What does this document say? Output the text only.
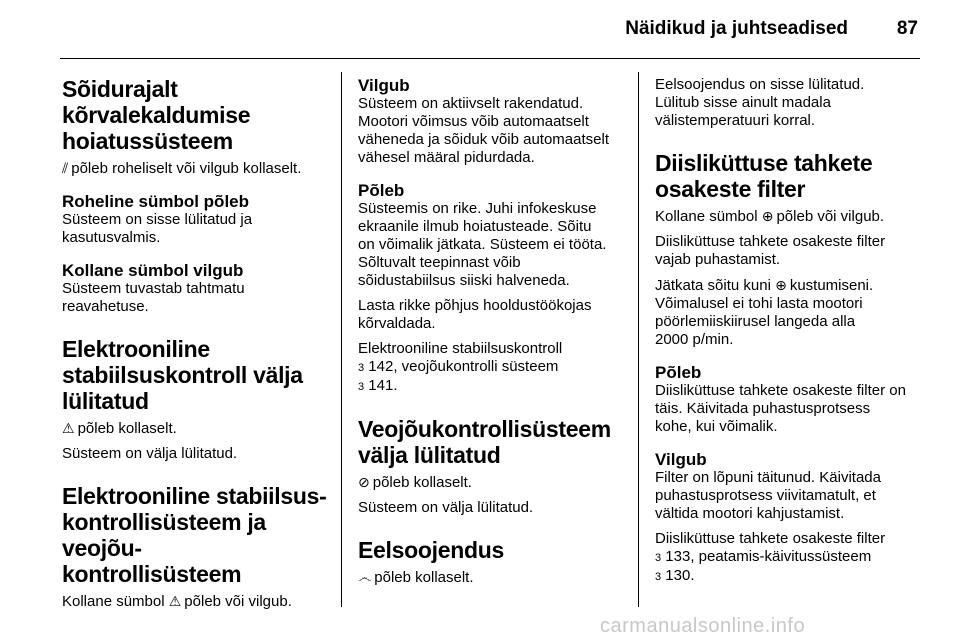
Näidikud ja juhtseadised	87
Sõidurajalt
kõrvalekaldumise
hoiatussüsteem

⫽ põleb roheliselt või vilgub kollaselt.

Roheline sümbol põleb

Süsteem on sisse lülitatud ja
kasutusvalmis.

Kollane sümbol vilgub

Süsteem tuvastab tahtmatu
reavahetuse.

Elektrooniline
stabiilsuskontroll välja
lülitatud

⚠ põleb kollaselt.

Süsteem on välja lülitatud.

Elektrooniline stabiilsus-
kontrollisüsteem ja veojõu-
kontrollisüsteem

Kollane sümbol ⚠ põleb või vilgub.

Vilgub

Süsteem on aktiivselt rakendatud.
Mootori võimsus võib automaatselt
väheneda ja sõiduk võib automaatselt
vähesel määral pidurdada.

Põleb

Süsteemis on rike. Juhi infokeskuse
ekraanile ilmub hoiatusteade. Sõitu
on võimalik jätkata. Süsteem ei tööta.
Sõltuvalt teepinnast võib
sõidustabiilsus siiski halveneda.

Lasta rikke põhjus hooldustöökojas
kõrvaldada.

Elektrooniline stabiilsuskontroll
3 142, veojõukontrolli süsteem
3 141.

Veojõukontrollisüsteem
välja lülitatud

⊘ põleb kollaselt.

Süsteem on välja lülitatud.

Eelsoojendus

෴ põleb kollaselt.

Eelsoojendus on sisse lülitatud.
Lülitub sisse ainult madala
välistemperatuuri korral.

Diisliküttuse tahkete
osakeste filter

Kollane sümbol ⊕ põleb või vilgub.

Diisliküttuse tahkete osakeste filter
vajab puhastamist.

Jätkata sõitu kuni ⊕ kustumiseni.
Võimalusel ei tohi lasta mootori
pöörlemiiskiirusel langeda alla
2000 p/min.

Põleb

Diisliküttuse tahkete osakeste filter on
täis. Käivitada puhastusprotsess
kohe, kui võimalik.

Vilgub

Filter on lõpuni täitunud. Käivitada
puhastusprotsess viivitamatult, et
vältida mootori kahjustamist.

Diisliküttuse tahkete osakeste filter
3 133, peatamis-käivitussüsteem
3 130.

carmanualsonline.info
